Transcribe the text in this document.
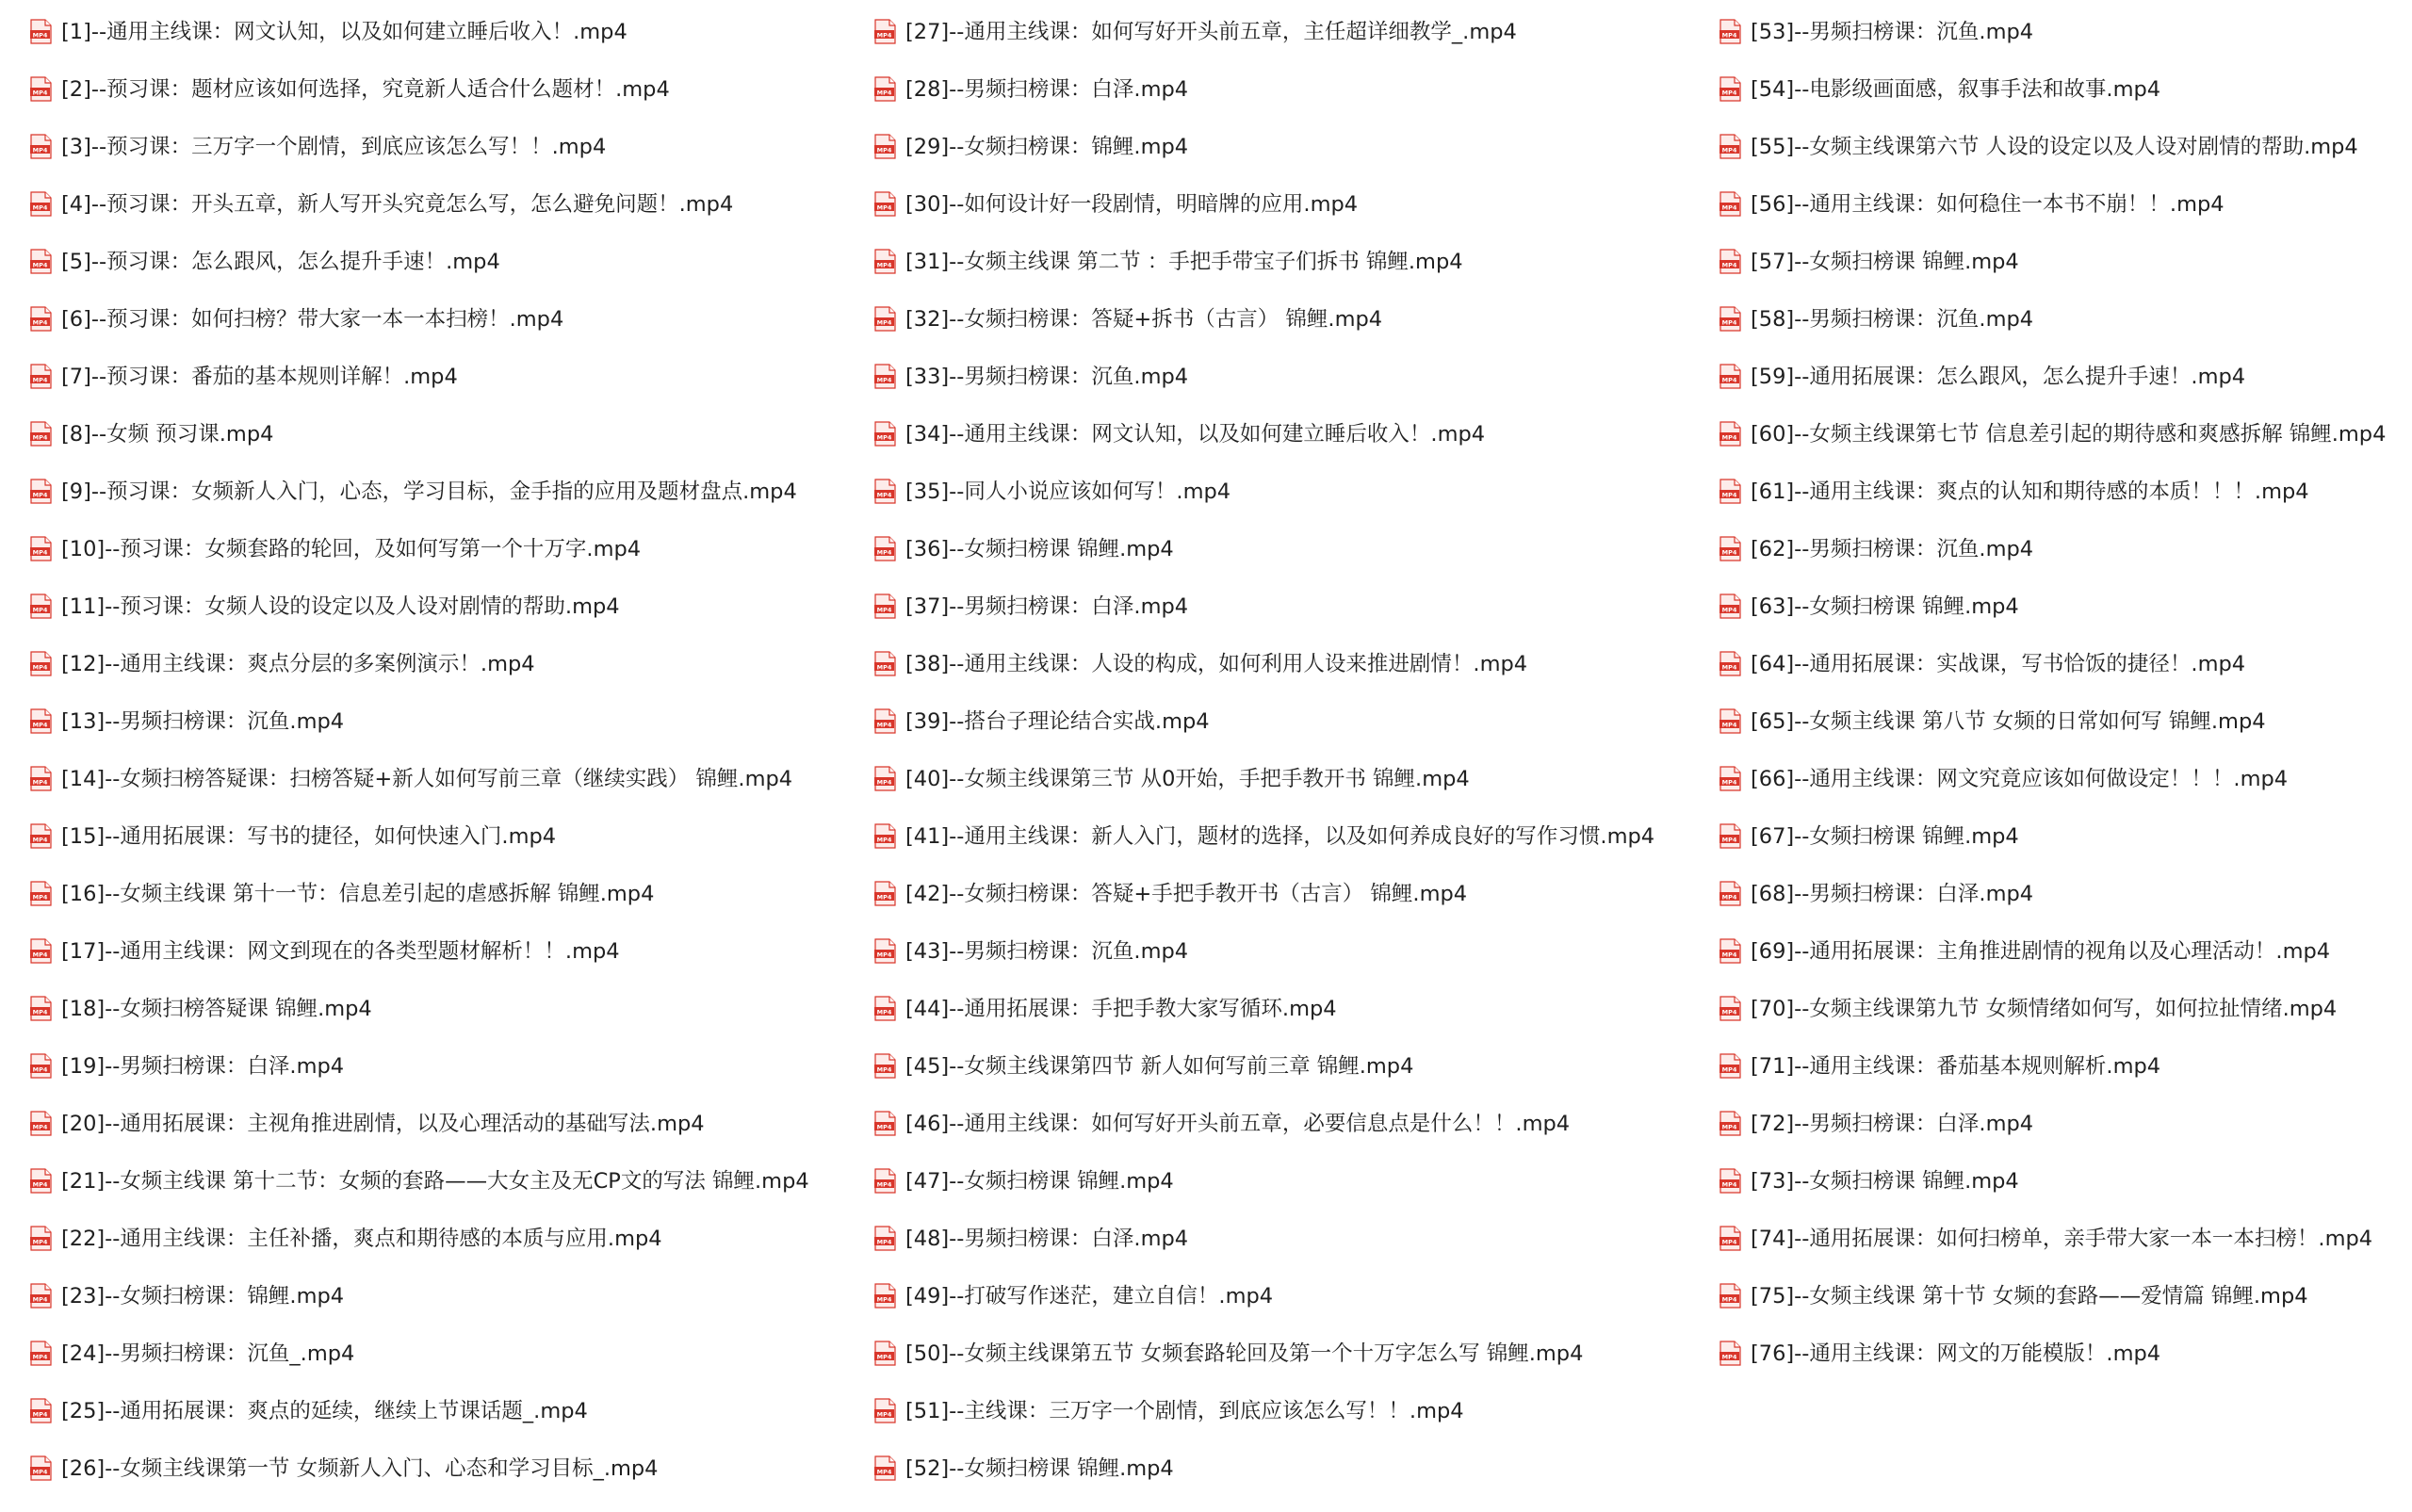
MP4 [1]--通用主线课：网文认知，以及如何建立睡后收入！.mp4
MP4 [2]--预习课：题材应该如何选择，究竟新人适合什么题材！.mp4
MP4 [3]--预习课：三万字一个剧情，到底应该怎么写！！.mp4
MP4 [4]--预习课：开头五章，新人写开头究竟怎么写，怎么避免问题！.mp4
MP4 [5]--预习课：怎么跟风，怎么提升手速！.mp4
MP4 [6]--预习课：如何扫榜？带大家一本一本扫榜！.mp4
MP4 [7]--预习课：番茄的基本规则详解！.mp4
MP4 [8]--女频 预习课.mp4
MP4 [9]--预习课：女频新人入门，心态，学习目标，金手指的应用及题材盘点.mp4
MP4 [10]--预习课：女频套路的轮回，及如何写第一个十万字.mp4
MP4 [11]--预习课：女频人设的设定以及人设对剧情的帮助.mp4
MP4 [12]--通用主线课：爽点分层的多案例演示！.mp4
MP4 [13]--男频扫榜课：沉鱼.mp4
MP4 [14]--女频扫榜答疑课：扫榜答疑+新人如何写前三章（继续实践） 锦鲤.mp4
MP4 [15]--通用拓展课：写书的捷径，如何快速入门.mp4
MP4 [16]--女频主线课 第十一节：信息差引起的虐感拆解 锦鲤.mp4
MP4 [17]--通用主线课：网文到现在的各类型题材解析！！.mp4
MP4 [18]--女频扫榜答疑课 锦鲤.mp4
MP4 [19]--男频扫榜课：白泽.mp4
MP4 [20]--通用拓展课：主视角推进剧情，以及心理活动的基础写法.mp4
MP4 [21]--女频主线课 第十二节：女频的套路——大女主及无CP文的写法 锦鲤.mp4
MP4 [22]--通用主线课：主任补播，爽点和期待感的本质与应用.mp4
MP4 [23]--女频扫榜课：锦鲤.mp4
MP4 [24]--男频扫榜课：沉鱼_.mp4
MP4 [25]--通用拓展课：爽点的延续，继续上节课话题_.mp4
MP4 [26]--女频主线课第一节 女频新人入门、心态和学习目标_.mp4
MP4 [27]--通用主线课：如何写好开头前五章，主任超详细教学_.mp4
MP4 [28]--男频扫榜课：白泽.mp4
MP4 [29]--女频扫榜课：锦鲤.mp4
MP4 [30]--如何设计好一段剧情，明暗牌的应用.mp4
MP4 [31]--女频主线课 第二节 ：手把手带宝子们拆书 锦鲤.mp4
MP4 [32]--女频扫榜课：答疑+拆书（古言） 锦鲤.mp4
MP4 [33]--男频扫榜课：沉鱼.mp4
MP4 [34]--通用主线课：网文认知，以及如何建立睡后收入！.mp4
MP4 [35]--同人小说应该如何写！.mp4
MP4 [36]--女频扫榜课 锦鲤.mp4
MP4 [37]--男频扫榜课：白泽.mp4
MP4 [38]--通用主线课：人设的构成，如何利用人设来推进剧情！.mp4
MP4 [39]--搭台子理论结合实战.mp4
MP4 [40]--女频主线课第三节 从0开始，手把手教开书 锦鲤.mp4
MP4 [41]--通用主线课：新人入门，题材的选择，以及如何养成良好的写作习惯.mp4
MP4 [42]--女频扫榜课：答疑+手把手教开书（古言） 锦鲤.mp4
MP4 [43]--男频扫榜课：沉鱼.mp4
MP4 [44]--通用拓展课：手把手教大家写循环.mp4
MP4 [45]--女频主线课第四节 新人如何写前三章 锦鲤.mp4
MP4 [46]--通用主线课：如何写好开头前五章，必要信息点是什么！！.mp4
MP4 [47]--女频扫榜课 锦鲤.mp4
MP4 [48]--男频扫榜课：白泽.mp4
MP4 [49]--打破写作迷茫，建立自信！.mp4
MP4 [50]--女频主线课第五节 女频套路轮回及第一个十万字怎么写 锦鲤.mp4
MP4 [51]--主线课：三万字一个剧情，到底应该怎么写！！.mp4
MP4 [52]--女频扫榜课 锦鲤.mp4
MP4 [53]--男频扫榜课：沉鱼.mp4
MP4 [54]--电影级画面感，叙事手法和故事.mp4
MP4 [55]--女频主线课第六节 人设的设定以及人设对剧情的帮助.mp4
MP4 [56]--通用主线课：如何稳住一本书不崩！！.mp4
MP4 [57]--女频扫榜课 锦鲤.mp4
MP4 [58]--男频扫榜课：沉鱼.mp4
MP4 [59]--通用拓展课：怎么跟风，怎么提升手速！.mp4
MP4 [60]--女频主线课第七节 信息差引起的期待感和爽感拆解 锦鲤.mp4
MP4 [61]--通用主线课：爽点的认知和期待感的本质！！！.mp4
MP4 [62]--男频扫榜课：沉鱼.mp4
MP4 [63]--女频扫榜课 锦鲤.mp4
MP4 [64]--通用拓展课：实战课，写书恰饭的捷径！.mp4
MP4 [65]--女频主线课 第八节 女频的日常如何写 锦鲤.mp4
MP4 [66]--通用主线课：网文究竟应该如何做设定！！！.mp4
MP4 [67]--女频扫榜课 锦鲤.mp4
MP4 [68]--男频扫榜课：白泽.mp4
MP4 [69]--通用拓展课：主角推进剧情的视角以及心理活动！.mp4
MP4 [70]--女频主线课第九节 女频情绪如何写，如何拉扯情绪.mp4
MP4 [71]--通用主线课：番茄基本规则解析.mp4
MP4 [72]--男频扫榜课：白泽.mp4
MP4 [73]--女频扫榜课 锦鲤.mp4
MP4 [74]--通用拓展课：如何扫榜单，亲手带大家一本一本扫榜！.mp4
MP4 [75]--女频主线课 第十节 女频的套路——爱情篇 锦鲤.mp4
MP4 [76]--通用主线课：网文的万能模版！.mp4
